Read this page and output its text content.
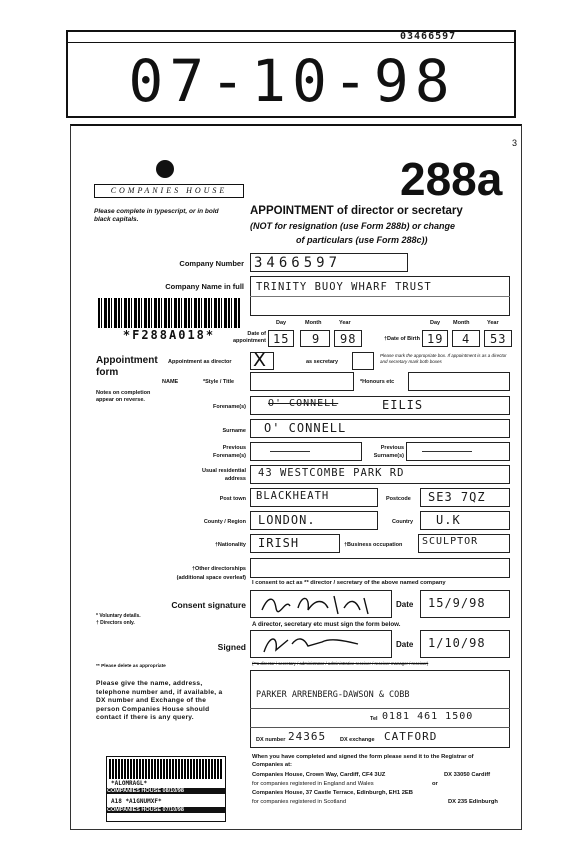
03466597
07-10-98
3
COMPANIES HOUSE	288a
Please complete in typescript, or in bold black capitals.
APPOINTMENT of director or secretary
(NOT for resignation (use Form 288b) or change
of particulars (use Form 288c))
Company Number 3466597
Company Name in full TRINITY BUOY WHARF TRUST
*F288A018*
Day	Month	Year	Day Month	Year
Date of appointment 15 9 98	†Date of Birth 19 4 53
Appointment form
Appointment as director X	as secretary
Please mark the appropriate box. If appointment is as a director and secretary mark both boxes
NAME
Notes on completion appear on reverse.
*Style / Title	*Honours etc
Forename(s) O' CONNELL	EILIS
Surname O' CONNELL
Previous Forename(s)
Previous Surname(s)
Usual residential address 43 WESTCOMBE PARK RD
Post town BLACKHEATH	Postcode SE3 7QZ
County / Region LONDON.	Country U.K
†Nationality IRISH	†Business occupation SCULPTOR
†Other directorships
(additional space overleaf)
I consent to act as ** director / secretary of the above named company
Consent signature	Date 15/9/98
* Voluntary details.
† Directors only.	A director, secretary etc must sign the form below.
Signed	Date 1/10/98
** Please delete as appropriate
(**a director / secretary / administrator / administrative receiver / receiver manager / receiver)
Please give the name, address, telephone number and, if available, a DX number and Exchange of the person Companies House should contact if there is any query.
PARKER ARRENBERG-DAWSON & COBB
Tel 0181 461 1500
DX number 24365	DX exchange CATFORD
When you have completed and signed the form please send it to the Registrar of Companies at:
Companies House, Crown Way, Cardiff, CF4 3UZ	DX 33050 Cardiff
for companies registered in England and Wales	or
Companies House, 37 Castle Terrace, Edinburgh, EH1 2EB
for companies registered in Scotland	DX 235 Edinburgh
*ALOMRAGL*
COMPANIES HOUSE 08/10/98
A18 *A1GNUMXF*
COMPANIES HOUSE 07/10/98
